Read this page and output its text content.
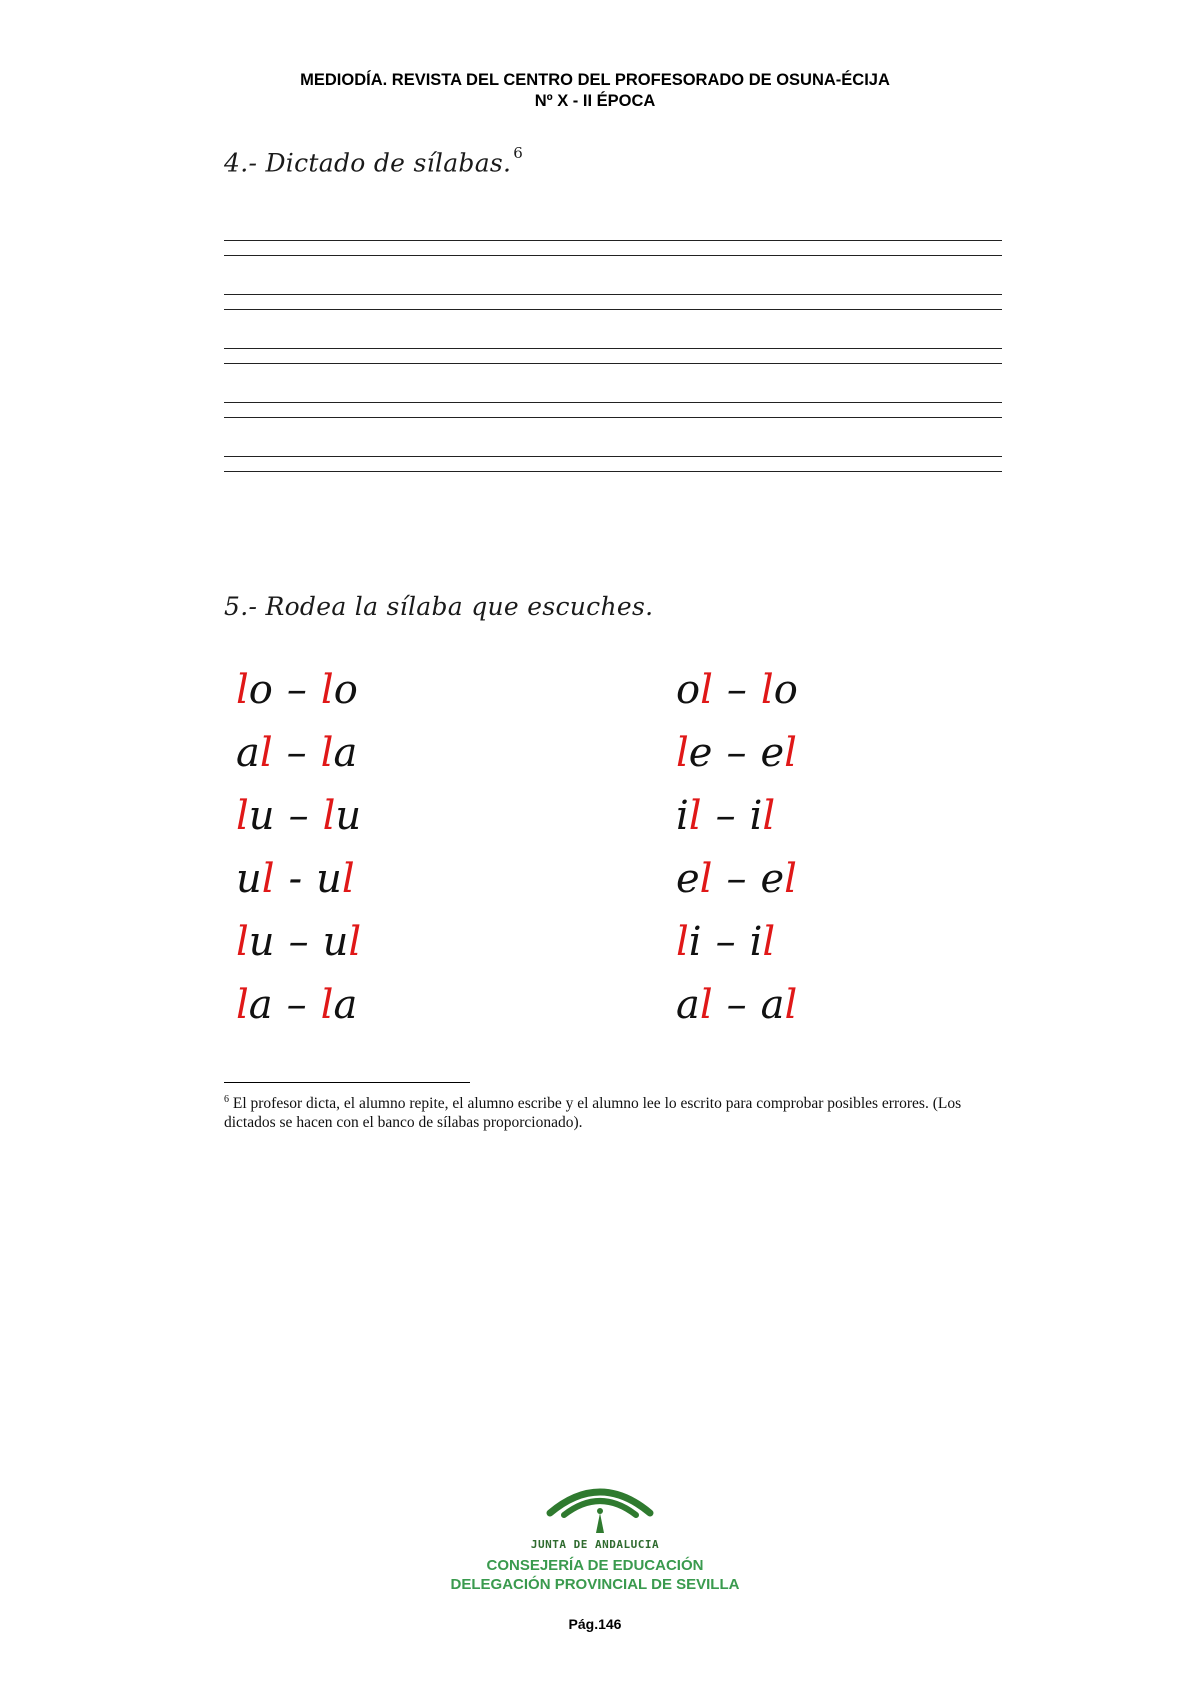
MEDIODÍA. REVISTA DEL CENTRO DEL PROFESORADO DE OSUNA-ÉCIJA
Nº X - II ÉPOCA
4.- Dictado de sílabas. $^6$
5.- Rodea la sílaba que escuches.
lo – lo
al – la
lu – lu
ul - ul
lu – ul
la – la
ol – lo
le – el
il – il
el – el
li – il
al – al
$^6$ El profesor dicta, el alumno repite, el alumno escribe y el alumno lee lo escrito para comprobar posibles errores. (Los dictados se hacen con el banco de sílabas proporcionado).
JUNTA DE ANDALUCIA
CONSEJERÍA DE EDUCACIÓN
DELEGACIÓN PROVINCIAL DE SEVILLA
Pág.146
